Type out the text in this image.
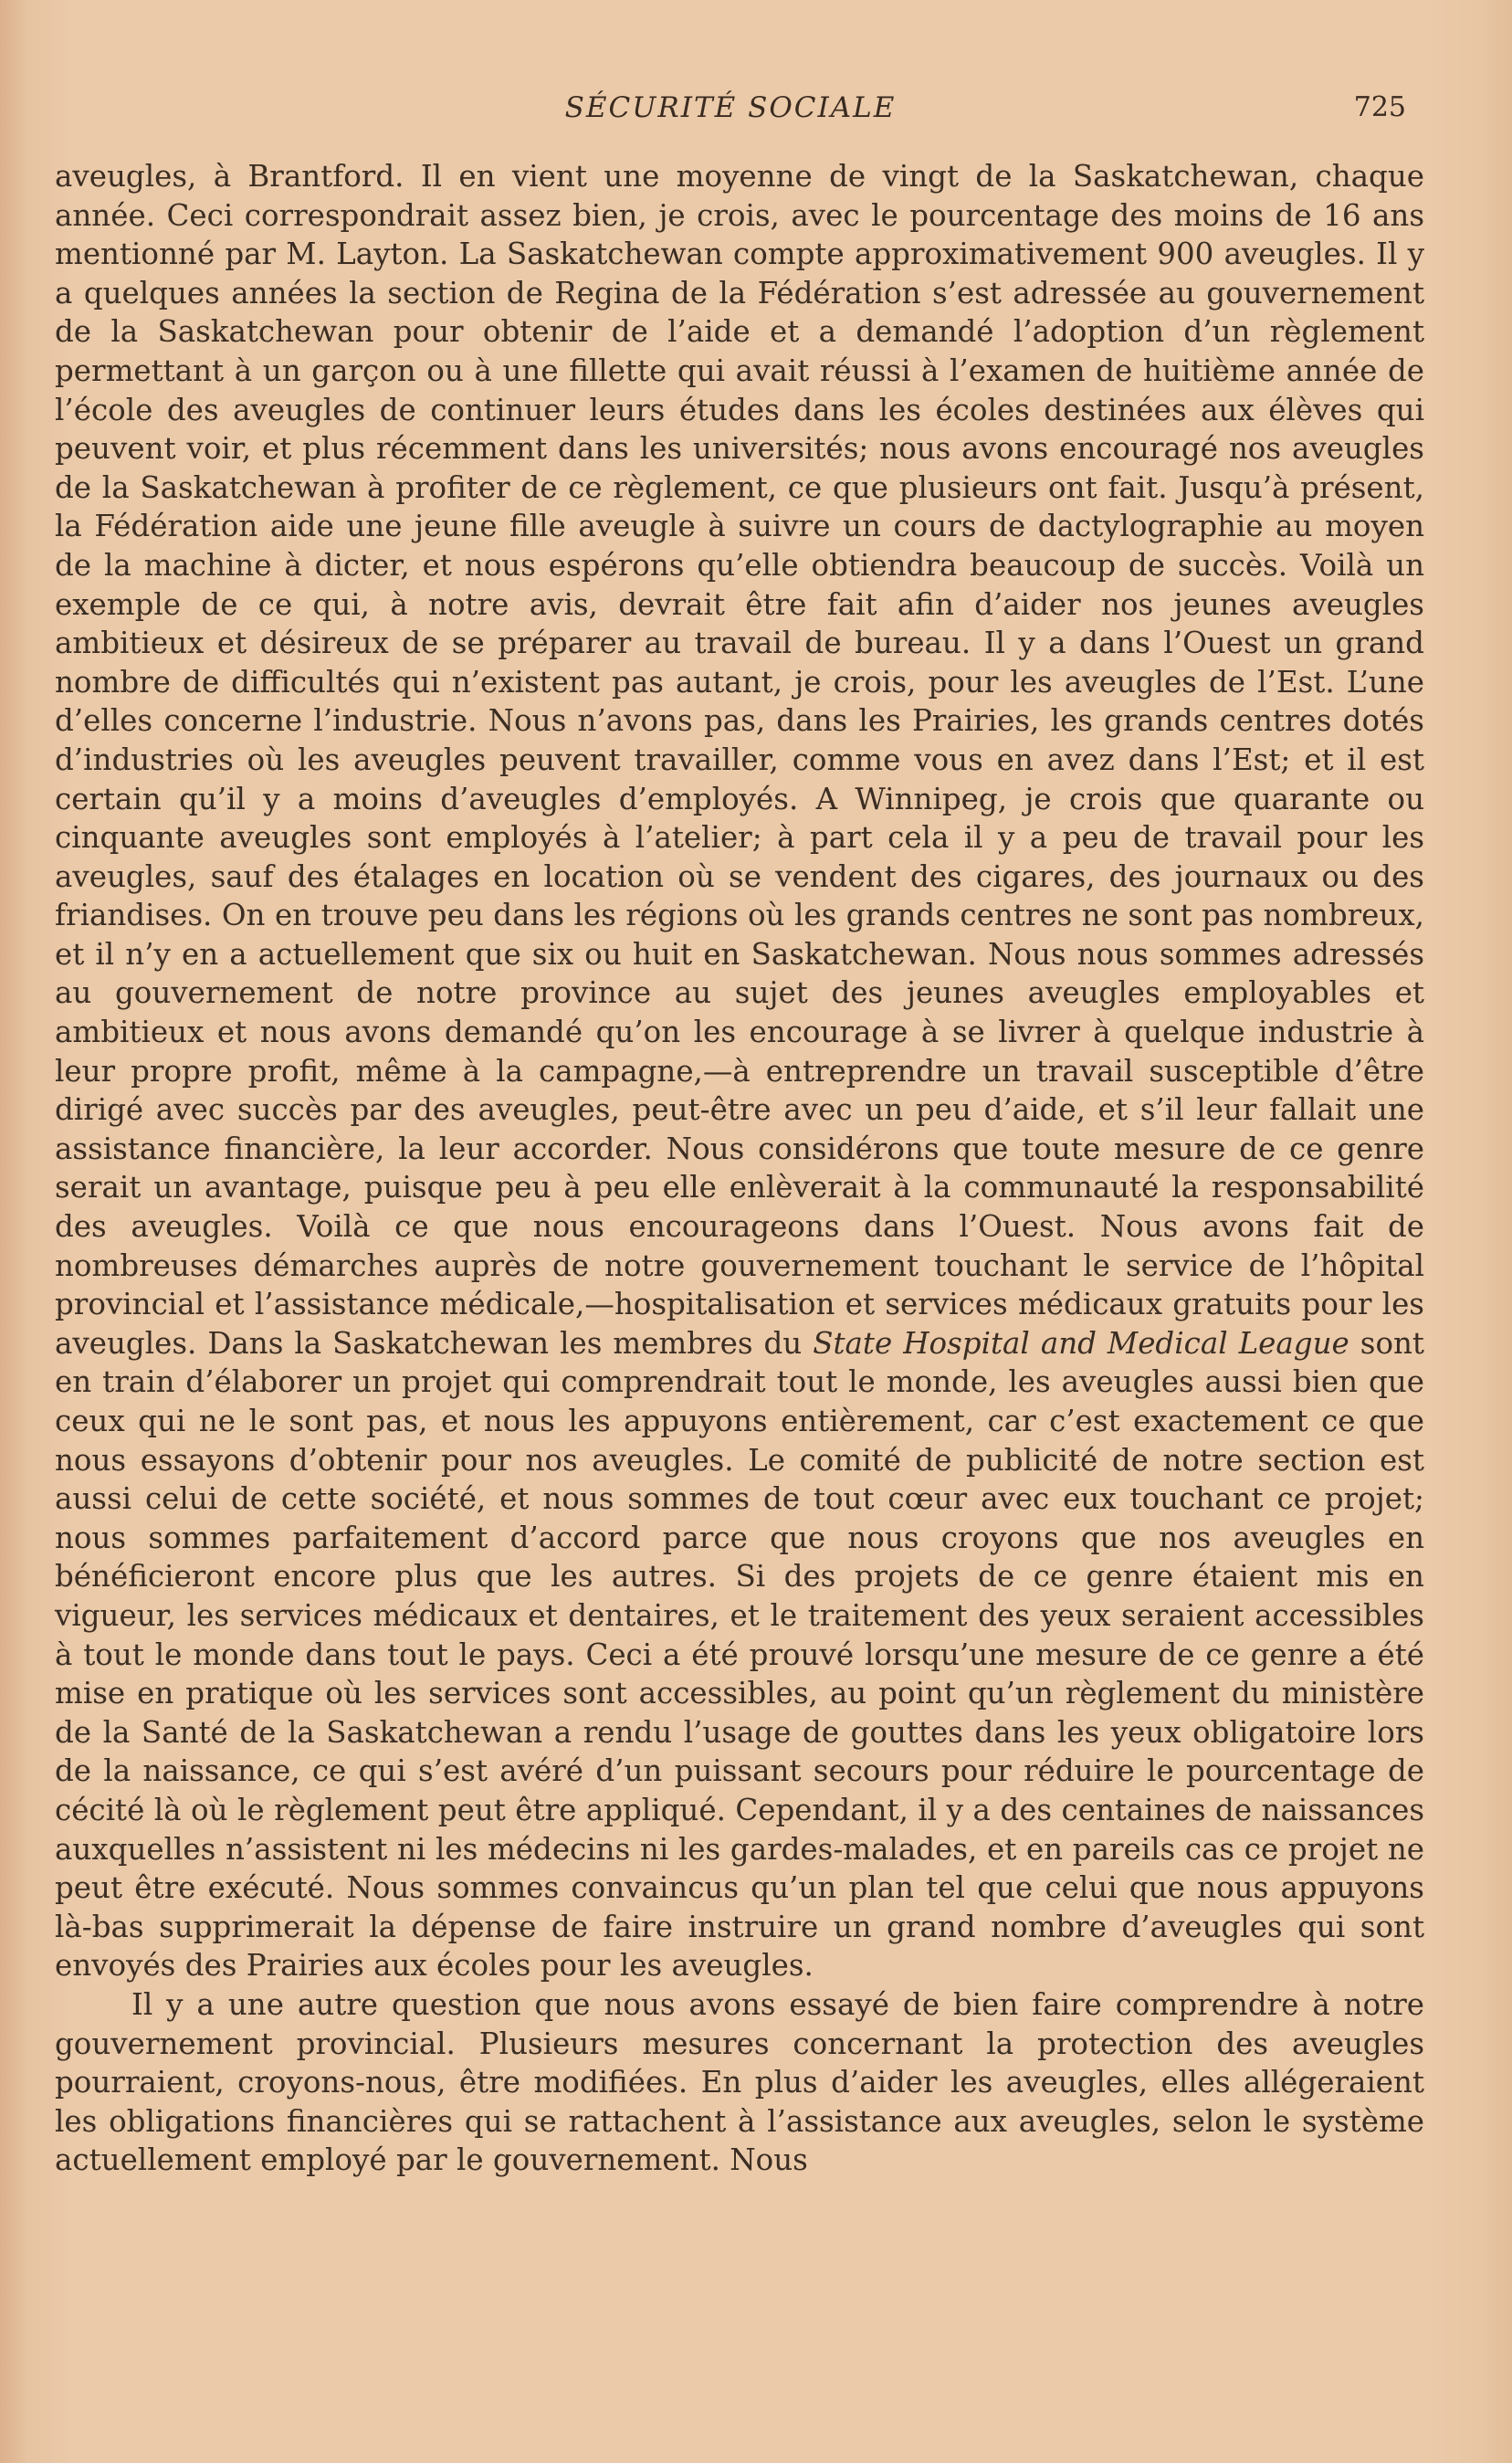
SÉCURITÉ SOCIALE	725

aveugles, à Brantford. Il en vient une moyenne de vingt de la Saskatchewan, chaque année. Ceci correspondrait assez bien, je crois, avec le pourcentage des moins de 16 ans mentionné par M. Layton. La Saskatchewan compte approximativement 900 aveugles. Il y a quelques années la section de Regina de la Fédération s’est adressée au gouvernement de la Saskatchewan pour obtenir de l’aide et a demandé l’adoption d’un règlement permettant à un garçon ou à une fillette qui avait réussi à l’examen de huitième année de l’école des aveugles de continuer leurs études dans les écoles destinées aux élèves qui peuvent voir, et plus récemment dans les universités; nous avons encouragé nos aveugles de la Saskatchewan à profiter de ce règlement, ce que plusieurs ont fait. Jusqu’à présent, la Fédération aide une jeune fille aveugle à suivre un cours de dactylographie au moyen de la machine à dicter, et nous espérons qu’elle obtiendra beaucoup de succès. Voilà un exemple de ce qui, à notre avis, devrait être fait afin d’aider nos jeunes aveugles ambitieux et désireux de se préparer au travail de bureau. Il y a dans l’Ouest un grand nombre de difficultés qui n’existent pas autant, je crois, pour les aveugles de l’Est. L’une d’elles concerne l’industrie. Nous n’avons pas, dans les Prairies, les grands centres dotés d’industries où les aveugles peuvent travailler, comme vous en avez dans l’Est; et il est certain qu’il y a moins d’aveugles d’employés. A Winnipeg, je crois que quarante ou cinquante aveugles sont employés à l’atelier; à part cela il y a peu de travail pour les aveugles, sauf des étalages en location où se vendent des cigares, des journaux ou des friandises. On en trouve peu dans les régions où les grands centres ne sont pas nombreux, et il n’y en a actuellement que six ou huit en Saskatchewan. Nous nous sommes adressés au gouvernement de notre province au sujet des jeunes aveugles employables et ambitieux et nous avons demandé qu’on les encourage à se livrer à quelque industrie à leur propre profit, même à la campagne,—à entreprendre un travail susceptible d’être dirigé avec succès par des aveugles, peut-être avec un peu d’aide, et s’il leur fallait une assistance financière, la leur accorder. Nous considérons que toute mesure de ce genre serait un avantage, puisque peu à peu elle enlèverait à la communauté la responsabilité des aveugles. Voilà ce que nous encourageons dans l’Ouest. Nous avons fait de nombreuses démarches auprès de notre gouvernement touchant le service de l’hôpital provincial et l’assistance médicale,—hospitalisation et services médicaux gratuits pour les aveugles. Dans la Saskatchewan les membres du State Hospital and Medical League sont en train d’élaborer un projet qui comprendrait tout le monde, les aveugles aussi bien que ceux qui ne le sont pas, et nous les appuyons entièrement, car c’est exactement ce que nous essayons d’obtenir pour nos aveugles. Le comité de publicité de notre section est aussi celui de cette société, et nous sommes de tout cœur avec eux touchant ce projet; nous sommes parfaitement d’accord parce que nous croyons que nos aveugles en bénéficieront encore plus que les autres. Si des projets de ce genre étaient mis en vigueur, les services médicaux et dentaires, et le traitement des yeux seraient accessibles à tout le monde dans tout le pays. Ceci a été prouvé lorsqu’une mesure de ce genre a été mise en pratique où les services sont accessibles, au point qu’un règlement du ministère de la Santé de la Saskatchewan a rendu l’usage de gouttes dans les yeux obligatoire lors de la naissance, ce qui s’est avéré d’un puissant secours pour réduire le pourcentage de cécité là où le règlement peut être appliqué. Cependant, il y a des centaines de naissances auxquelles n’assistent ni les médecins ni les gardes-malades, et en pareils cas ce projet ne peut être exécuté. Nous sommes convaincus qu’un plan tel que celui que nous appuyons là-bas supprimerait la dépense de faire instruire un grand nombre d’aveugles qui sont envoyés des Prairies aux écoles pour les aveugles.

Il y a une autre question que nous avons essayé de bien faire comprendre à notre gouvernement provincial. Plusieurs mesures concernant la protection des aveugles pourraient, croyons-nous, être modifiées. En plus d’aider les aveugles, elles allégeraient les obligations financières qui se rattachent à l’assistance aux aveugles, selon le système actuellement employé par le gouvernement. Nous
